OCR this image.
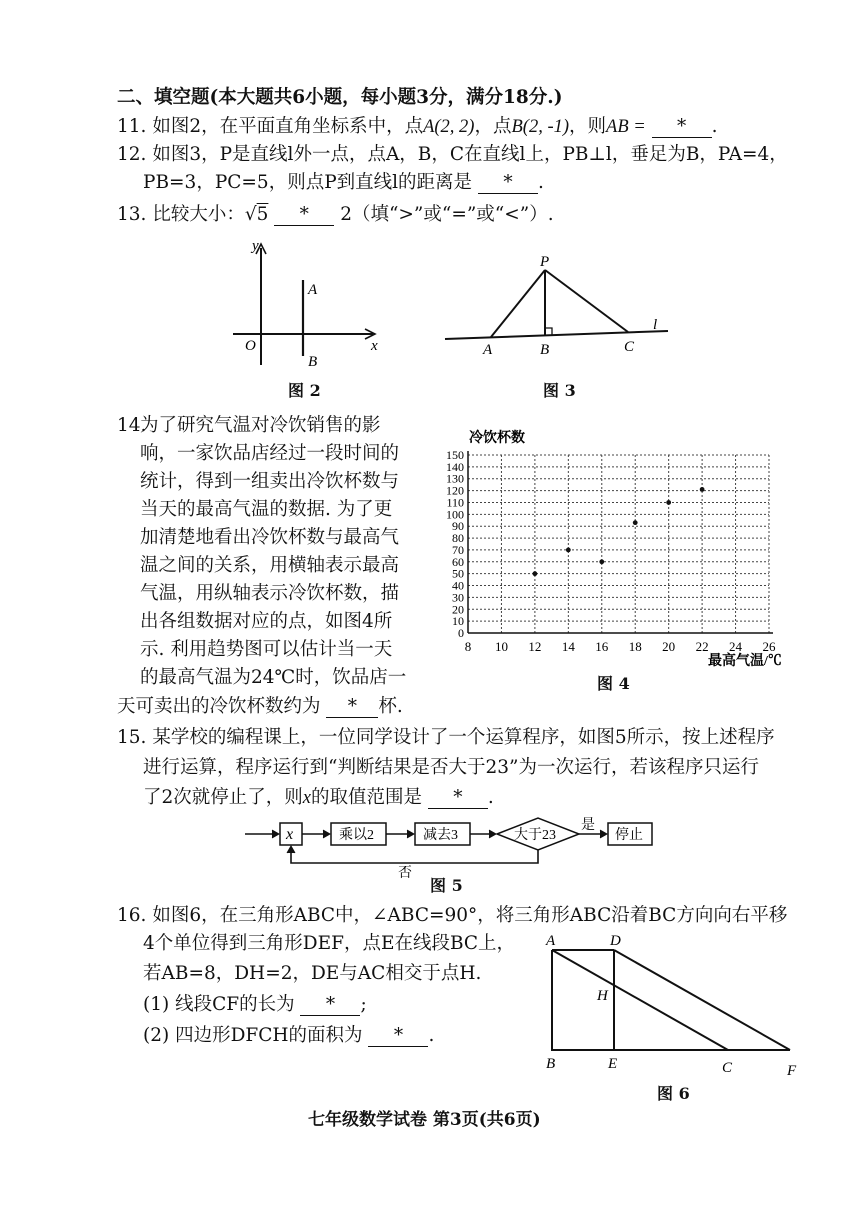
二、填空题(本大题共6小题，每小题3分，满分18分.)
11. 如图2，在平面直角坐标系中，点A(2, 2)，点B(2, -1)，则AB = * .
12. 如图3，P是直线l外一点，点A，B，C在直线l上，PB⊥l，垂足为B，PA=4，
PB=3，PC=5，则点P到直线l的距离是 * .
13. 比较大小：√5 * 2（填“>”或“=”或“<”）.
y
x
O
A
B
图 2
P
A	B	C
l
图 3
14.
为了研究气温对冷饮销售的影
响，一家饮品店经过一段时间的
统计，得到一组卖出冷饮杯数与
当天的最高气温的数据. 为了更
加清楚地看出冷饮杯数与最高气
温之间的关系，用横轴表示最高
气温，用纵轴表示冷饮杯数，描
出各组数据对应的点，如图4所
示. 利用趋势图可以估计当一天
的最高气温为24℃时，饮品店一
天可卖出的冷饮杯数约为 * 杯.
0
10
20
30
40
50
60
70
80
90
100
110
120
130
140
150
8 10 12 14 16 18 20 22 24 26
冷饮杯数
最高气温/℃
图 4
15. 某学校的编程课上，一位同学设计了一个运算程序，如图5所示，按上述程序
进行运算，程序运行到“判断结果是否大于23”为一次运行，若该程序只运行
了2次就停止了，则x的取值范围是 * .
x	乘以2	减去3	大于23
是
停止
否
图 5
16. 如图6，在三角形ABC中，∠ABC=90°，将三角形ABC沿着BC方向向右平移
4个单位得到三角形DEF，点E在线段BC上，
若AB=8，DH=2，DE与AC相交于点H.
(1) 线段CF的长为 * ;
(2) 四边形DFCH的面积为 * .
A	D
H
B	E	C	F
图 6
七年级数学试卷 第3页(共6页)
